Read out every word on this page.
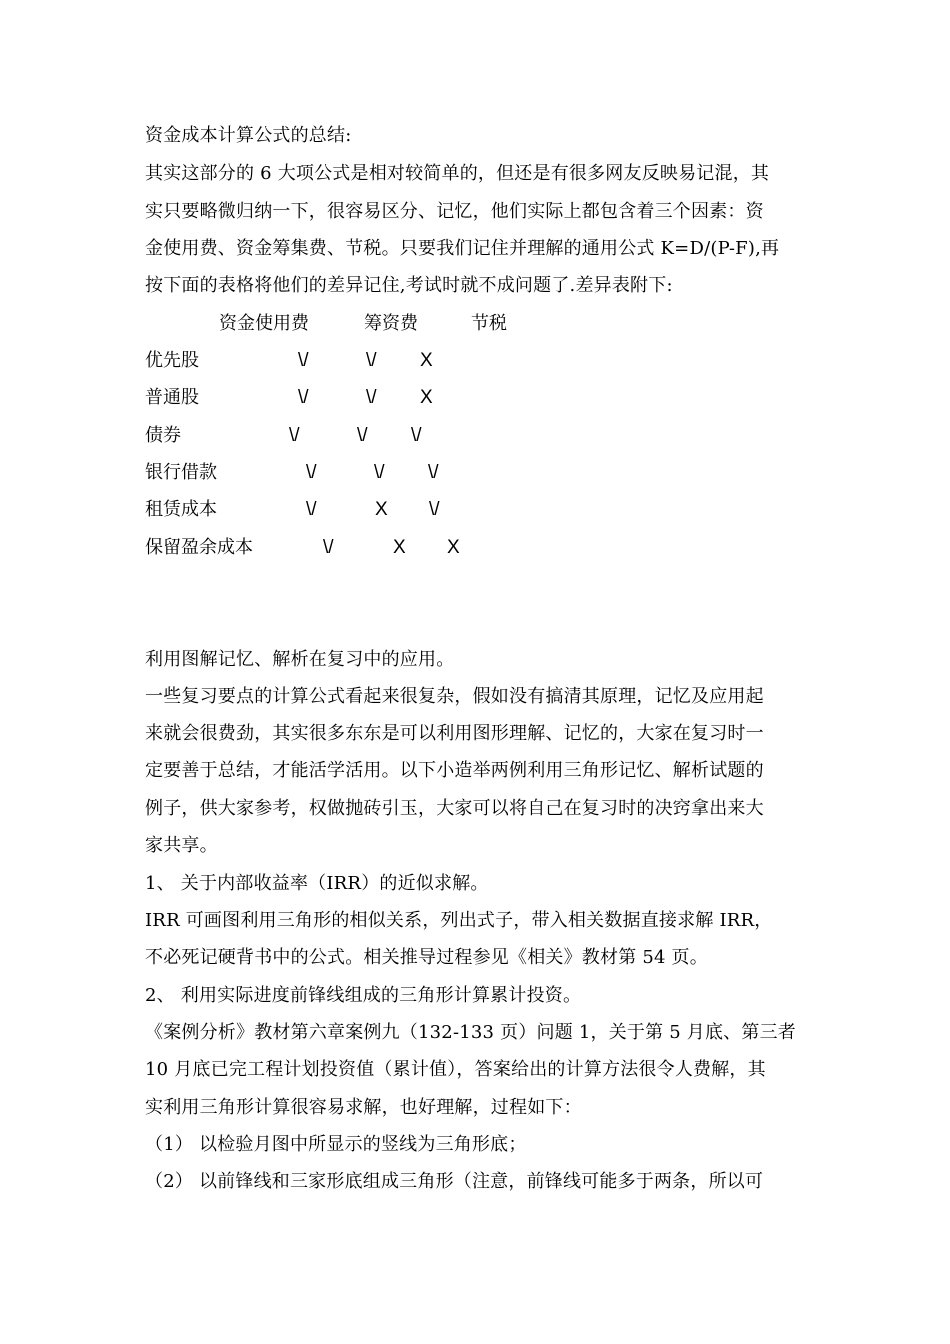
资金成本计算公式的总结:
其实这部分的 6 大项公式是相对较简单的，但还是有很多网友反映易记混，其
实只要略微归纳一下，很容易区分、记忆，他们实际上都包含着三个因素：资
金使用费、资金筹集费、节税。只要我们记住并理解的通用公式 K=D/(P-F),再
按下面的表格将他们的差异记住,考试时就不成问题了.差异表附下:
资金使用费	筹资费	节税
优先股	\/	\/ X
普通股	\/	\/ X
债券	\/	\/ \/
银行借款	\/	\/ \/
租赁成本	\/	X \/
保留盈余成本	\/	X X
利用图解记忆、解析在复习中的应用。
一些复习要点的计算公式看起来很复杂，假如没有搞清其原理，记忆及应用起
来就会很费劲，其实很多东东是可以利用图形理解、记忆的，大家在复习时一
定要善于总结，才能活学活用。以下小造举两例利用三角形记忆、解析试题的
例子，供大家参考，权做抛砖引玉，大家可以将自己在复习时的决窍拿出来大
家共享。
1、 关于内部收益率（IRR）的近似求解。
IRR 可画图利用三角形的相似关系，列出式子，带入相关数据直接求解 IRR，
不必死记硬背书中的公式。相关推导过程参见《相关》教材第 54 页。
2、 利用实际进度前锋线组成的三角形计算累计投资。
《案例分析》教材第六章案例九（132-133 页）问题 1，关于第 5 月底、第三者
10 月底已完工程计划投资值（累计值），答案给出的计算方法很令人费解，其
实利用三角形计算很容易求解，也好理解，过程如下：
（1） 以检验月图中所显示的竖线为三角形底；
（2） 以前锋线和三家形底组成三角形（注意，前锋线可能多于两条，所以可
